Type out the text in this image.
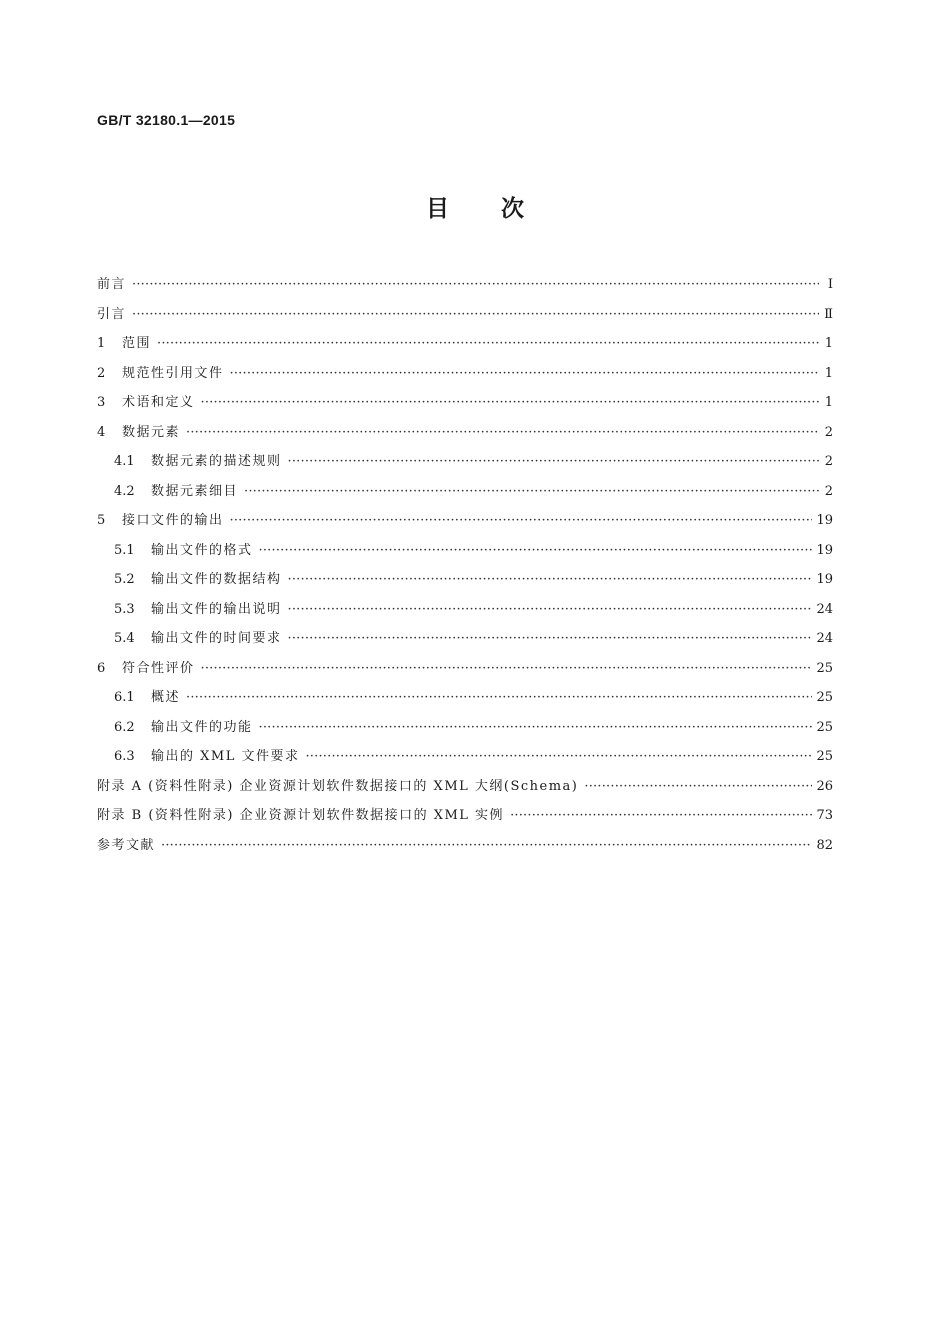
GB/T 32180.1—2015
目次
前言 ·····	Ⅰ
引言 ·····	Ⅱ
1	范围 ·····	1
2	规范性引用文件 ·····	1
3	术语和定义 ·····	1
4	数据元素 ·····	2
4.1	数据元素的描述规则 ·····	2
4.2	数据元素细目 ·····	2
5	接口文件的输出 ·····	19
5.1	输出文件的格式 ·····	19
5.2	输出文件的数据结构 ·····	19
5.3	输出文件的输出说明 ·····	24
5.4	输出文件的时间要求 ·····	24
6	符合性评价 ·····	25
6.1	概述 ·····	25
6.2	输出文件的功能 ·····	25
6.3	输出的 XML 文件要求 ·····	25
附录 A (资料性附录) 企业资源计划软件数据接口的 XML 大纲(Schema) ·····	26
附录 B (资料性附录) 企业资源计划软件数据接口的 XML 实例 ·····	73
参考文献 ·····	82
